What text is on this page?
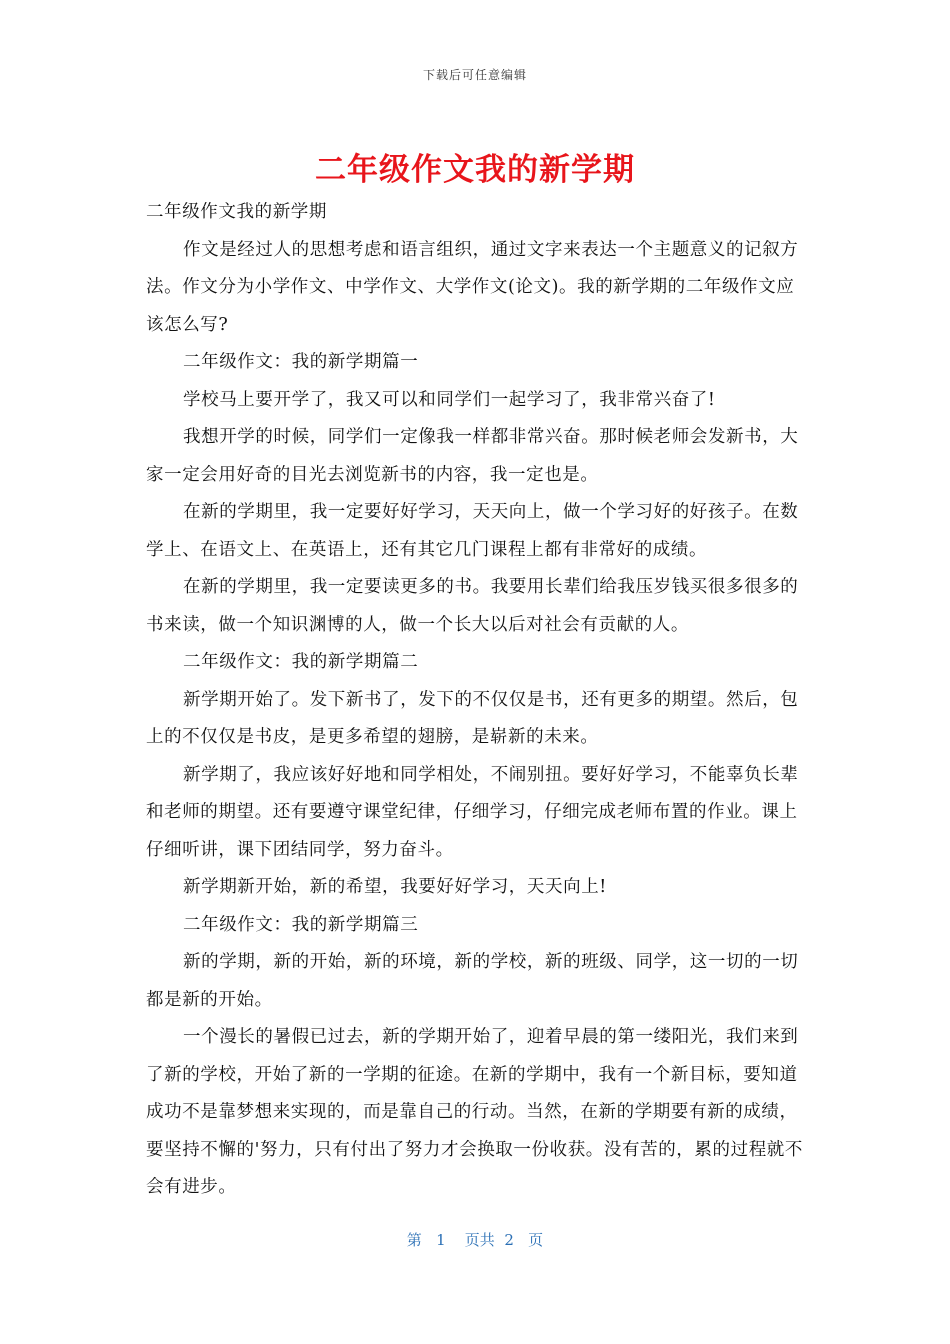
下载后可任意编辑
二年级作文我的新学期

二年级作文我的新学期

作文是经过人的思想考虑和语言组织，通过文字来表达一个主题意义的记叙方法。作文分为小学作文、中学作文、大学作文(论文)。我的新学期的二年级作文应该怎么写?

二年级作文：我的新学期篇一

学校马上要开学了，我又可以和同学们一起学习了，我非常兴奋了!

我想开学的时候，同学们一定像我一样都非常兴奋。那时候老师会发新书，大家一定会用好奇的目光去浏览新书的内容，我一定也是。

在新的学期里，我一定要好好学习，天天向上，做一个学习好的好孩子。在数学上、在语文上、在英语上，还有其它几门课程上都有非常好的成绩。

在新的学期里，我一定要读更多的书。我要用长辈们给我压岁钱买很多很多的书来读，做一个知识渊博的人，做一个长大以后对社会有贡献的人。

二年级作文：我的新学期篇二

新学期开始了。发下新书了，发下的不仅仅是书，还有更多的期望。然后，包上的不仅仅是书皮，是更多希望的翅膀，是崭新的未来。

新学期了，我应该好好地和同学相处，不闹别扭。要好好学习，不能辜负长辈和老师的期望。还有要遵守课堂纪律，仔细学习，仔细完成老师布置的作业。课上仔细听讲，课下团结同学，努力奋斗。

新学期新开始，新的希望，我要好好学习，天天向上!

二年级作文：我的新学期篇三

新的学期，新的开始，新的环境，新的学校，新的班级、同学，这一切的一切都是新的开始。

一个漫长的暑假已过去，新的学期开始了，迎着早晨的第一缕阳光，我们来到了新的学校，开始了新的一学期的征途。在新的学期中，我有一个新目标，要知道成功不是靠梦想来实现的，而是靠自己的行动。当然，在新的学期要有新的成绩，要坚持不懈的'努力，只有付出了努力才会换取一份收获。没有苦的，累的过程就不会有进步。

第 1 页共 2 页
